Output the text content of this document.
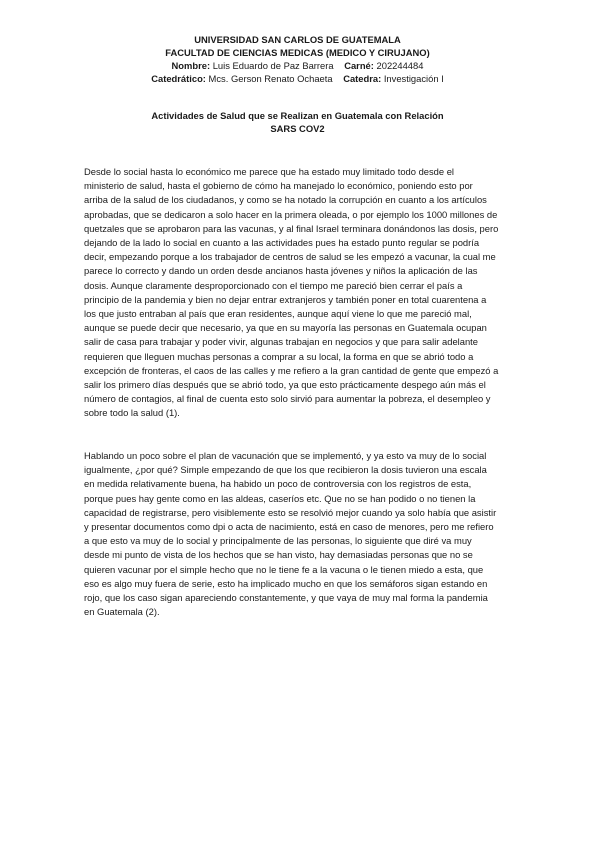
UNIVERSIDAD SAN CARLOS DE GUATEMALA
FACULTAD DE CIENCIAS MEDICAS (MEDICO Y CIRUJANO)
Nombre: Luis Eduardo de Paz Barrera Carné: 202244484
Catedrático: Mcs. Gerson Renato Ochaeta Catedra: Investigación I
Actividades de Salud que se Realizan en Guatemala con Relación
SARS COV2
Desde lo social hasta lo económico me parece que ha estado muy limitado todo desde el
ministerio de salud, hasta el gobierno de cómo ha manejado lo económico, poniendo esto por
arriba de la salud de los ciudadanos, y como se ha notado la corrupción en cuanto a los artículos
aprobadas, que se dedicaron a solo hacer en la primera oleada, o por ejemplo los 1000 millones de
quetzales que se aprobaron para las vacunas, y al final Israel terminara donándonos las dosis, pero
dejando de la lado lo social en cuanto a las actividades pues ha estado punto regular se podría
decir, empezando porque a los trabajador de centros de salud se les empezó a vacunar, la cual me
parece lo correcto y dando un orden desde ancianos hasta jóvenes y niños la aplicación de las
dosis. Aunque claramente desproporcionado con el tiempo me pareció bien cerrar el país a
principio de la pandemia y bien no dejar entrar extranjeros y también poner en total cuarentena a
los que justo entraban al país que eran residentes, aunque aquí viene lo que me pareció mal,
aunque se puede decir que necesario, ya que en su mayoría las personas en Guatemala ocupan
salir de casa para trabajar y poder vivir, algunas trabajan en negocios y que para salir adelante
requieren que lleguen muchas personas a comprar a su local, la forma en que se abrió todo a
excepción de fronteras, el caos de las calles y me refiero a la gran cantidad de gente que empezó a
salir los primero días después que se abrió todo, ya que esto prácticamente despego aún más el
número de contagios, al final de cuenta esto solo sirvió para aumentar la pobreza, el desempleo y
sobre todo la salud (1).
Hablando un poco sobre el plan de vacunación que se implementó, y ya esto va muy de lo social
igualmente, ¿por qué? Simple empezando de que los que recibieron la dosis tuvieron una escala
en medida relativamente buena, ha habido un poco de controversia con los registros de esta,
porque pues hay gente como en las aldeas, caseríos etc. Que no se han podido o no tienen la
capacidad de registrarse, pero visiblemente esto se resolvió mejor cuando ya solo había que asistir
y presentar documentos como dpi o acta de nacimiento, está en caso de menores, pero me refiero
a que esto va muy de lo social y principalmente de las personas, lo siguiente que diré va muy
desde mi punto de vista de los hechos que se han visto, hay demasiadas personas que no se
quieren vacunar por el simple hecho que no le tiene fe a la vacuna o le tienen miedo a esta, que
eso es algo muy fuera de serie, esto ha implicado mucho en que los semáforos sigan estando en
rojo, que los caso sigan apareciendo constantemente, y que vaya de muy mal forma la pandemia
en Guatemala (2).
